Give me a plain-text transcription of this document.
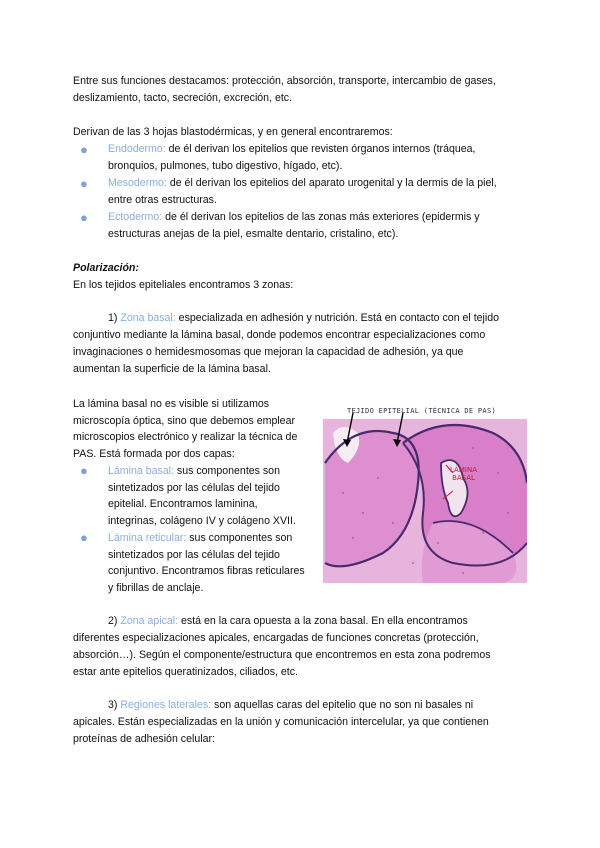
Entre sus funciones destacamos: protección, absorción, transporte, intercambio de gases,
deslizamiento, tacto, secreción, excreción, etc.
Derivan de las 3 hojas blastodérmicas, y en general encontraremos:
● Endodermo: de él derivan los epitelios que revisten órganos internos (tráquea,
bronquios, pulmones, tubo digestivo, hígado, etc).
● Mesodermo: de él derivan los epitelios del aparato urogenital y la dermis de la piel,
entre otras estructuras.
● Ectodermo: de él derivan los epitelios de las zonas más exteriores (epidermis y
estructuras anejas de la piel, esmalte dentario, cristalino, etc).
Polarización:
En los tejidos epiteliales encontramos 3 zonas:
1) Zona basal: especializada en adhesión y nutrición. Está en contacto con el tejido
conjuntivo mediante la lámina basal, donde podemos encontrar especializaciones como
invaginaciones o hemidesmosomas que mejoran la capacidad de adhesión, ya que
aumentan la superficie de la lámina basal.
La lámina basal no es visible si utilizamos
microscopía óptica, sino que debemos emplear
microscopios electrónico y realizar la técnica de
PAS. Está formada por dos capas:
● Lámina basal: sus componentes son
sintetizados por las células del tejido
epitelial. Encontramos laminina,
integrinas, colágeno IV y colágeno XVII.
● Lámina reticular: sus componentes son
sintetizados por las células del tejido
conjuntivo. Encontramos fibras reticulares
y fibrillas de anclaje.
TEJIDO EPITELIAL (TÉCNICA DE PAS)
LÁMINA
BASAL
2) Zona apical: está en la cara opuesta a la zona basal. En ella encontramos
diferentes especializaciones apicales, encargadas de funciones concretas (protección,
absorción…). Según el componente/estructura que encontremos en esta zona podremos
estar ante epitelios queratinizados, ciliados, etc.
3) Regiones laterales: son aquellas caras del epitelio que no son ni basales ni
apicales. Están especializadas en la unión y comunicación intercelular, ya que contienen
proteínas de adhesión celular:
